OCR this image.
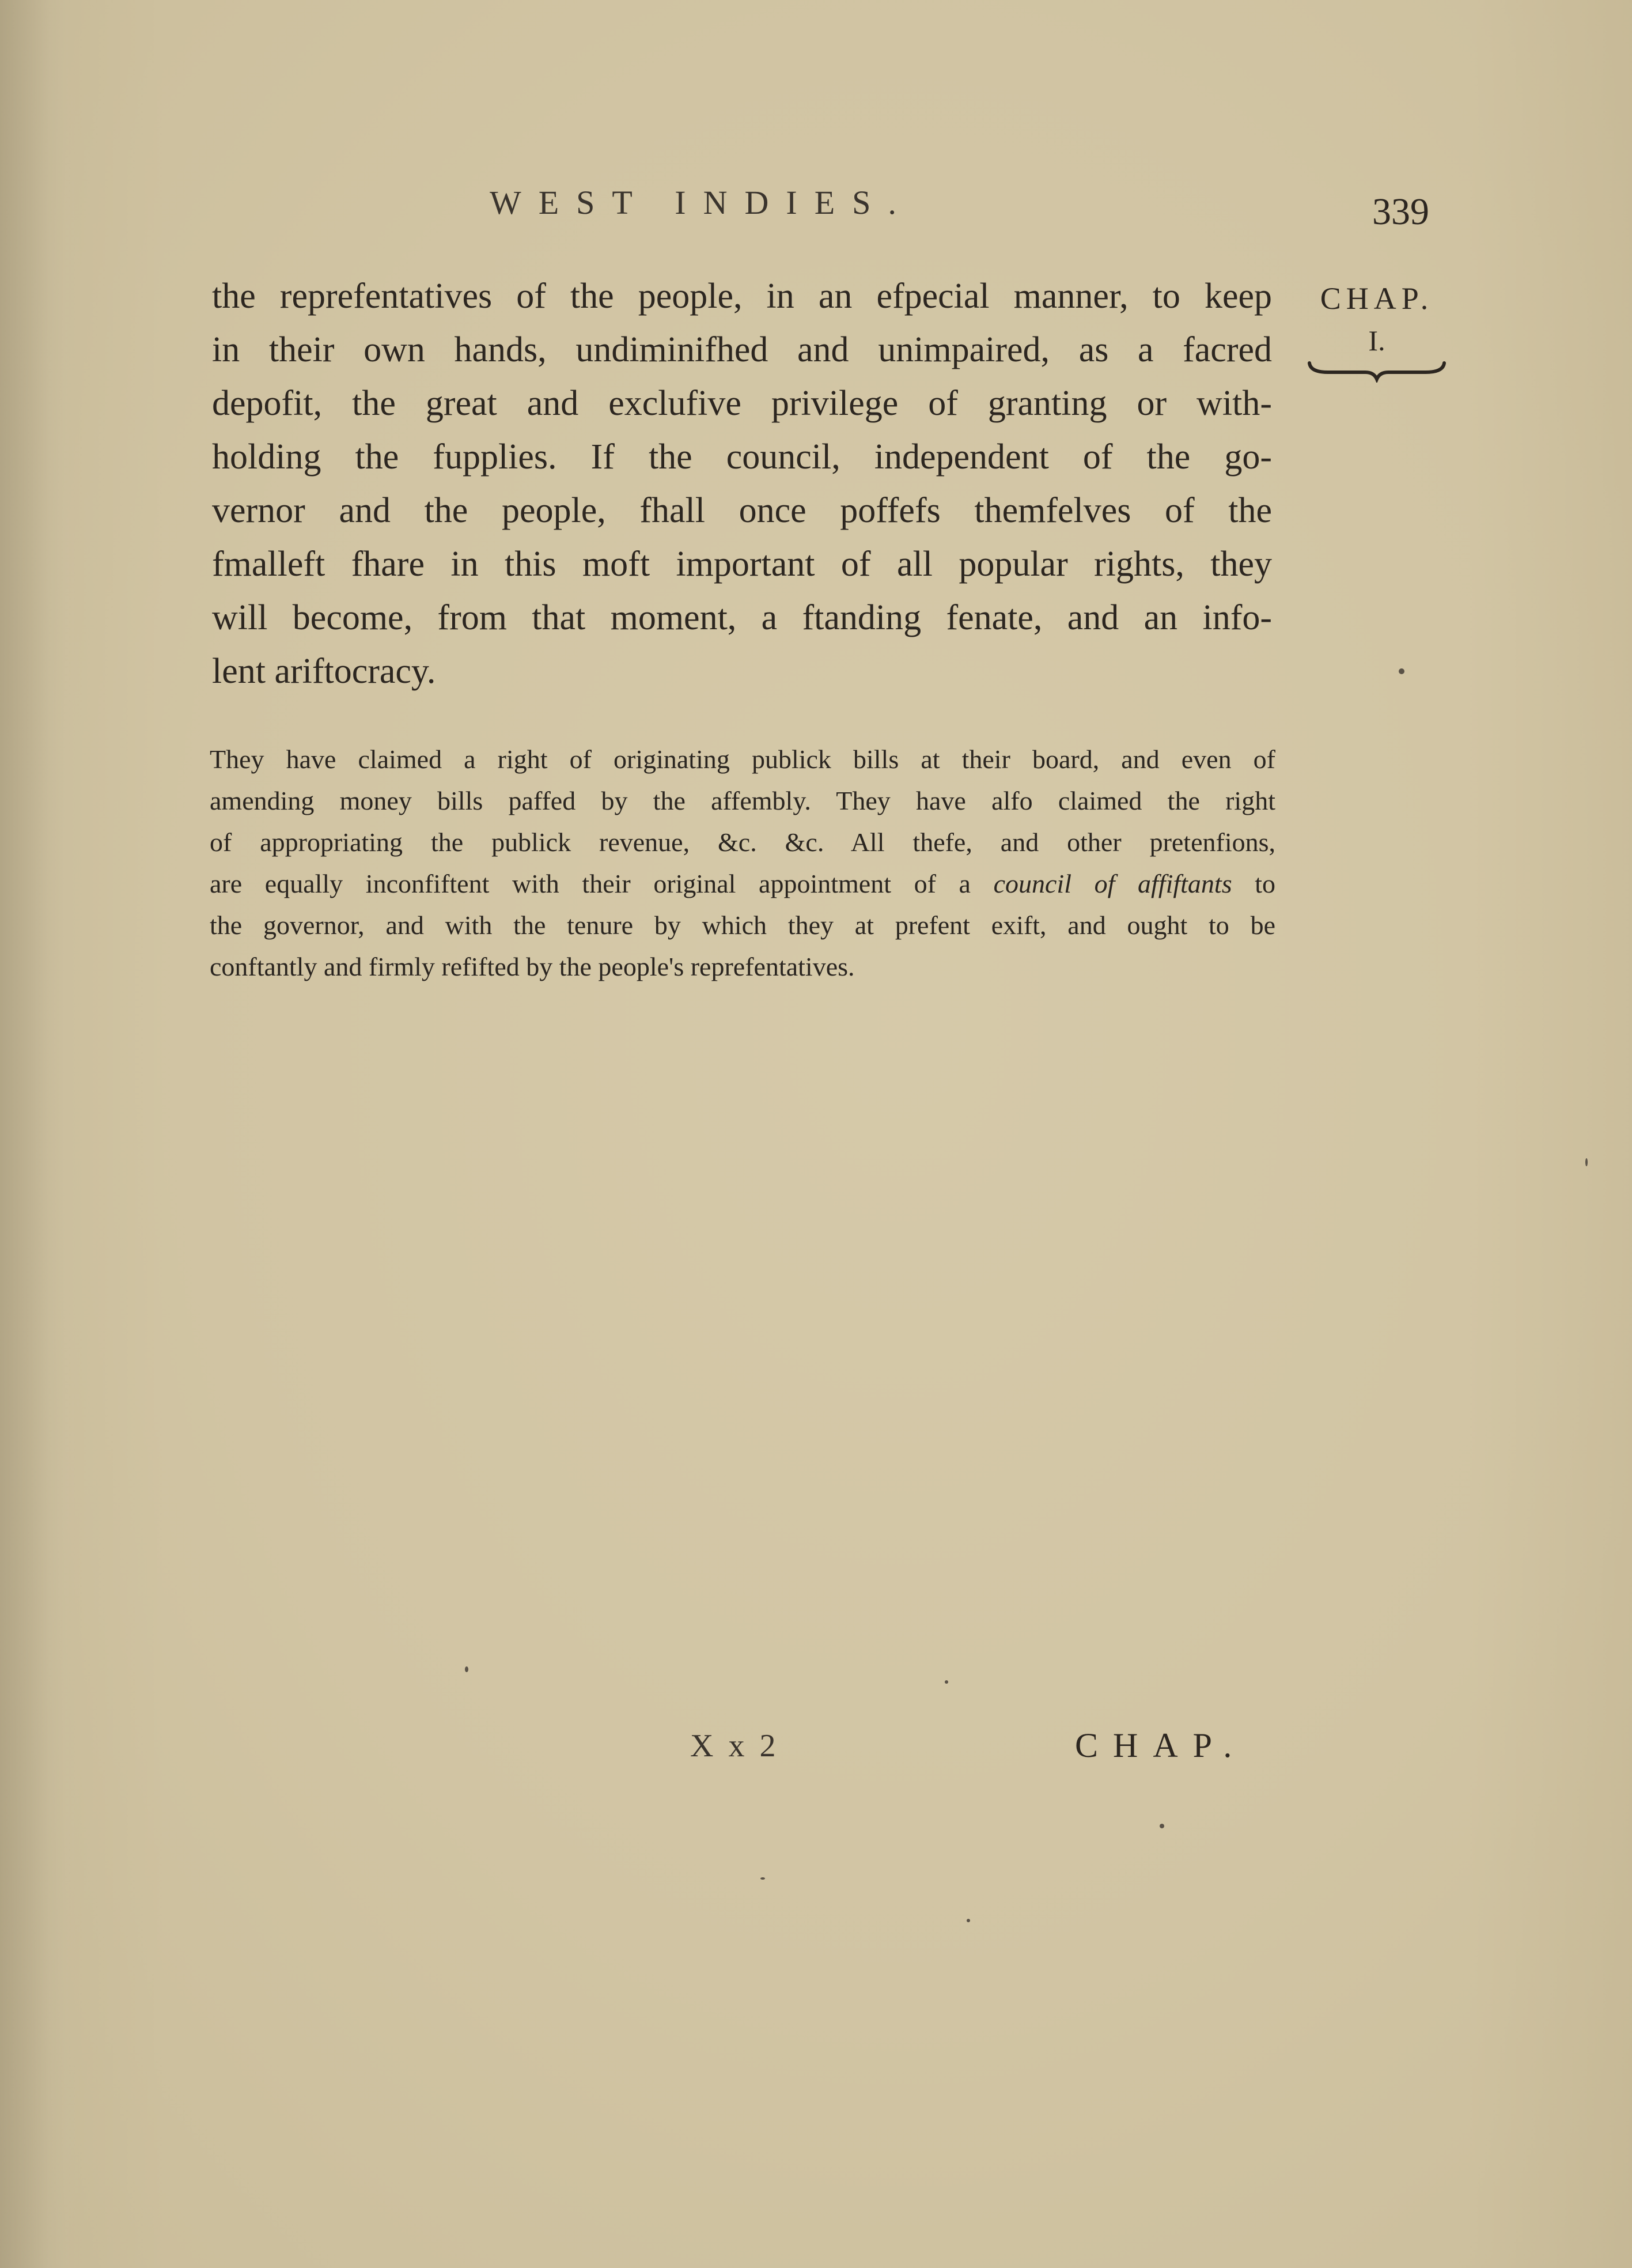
WEST INDIES.	339
the reprefentatives of the people, in an efpecial manner, to keep
in their own hands, undiminifhed and unimpaired, as a facred
depofit, the great and exclufive privilege of granting or with-
holding the fupplies. If the council, independent of the go-
vernor and the people, fhall once poffefs themfelves of the
fmalleft fhare in this moft important of all popular rights, they
will become, from that moment, a ftanding fenate, and an info-
lent ariftocracy.
CHAP.
I.
They have claimed a right of originating publick bills at their board, and even of
amending money bills paffed by the affembly. They have alfo claimed the right
of appropriating the publick revenue, &c. &c. All thefe, and other pretenfions,
are equally inconfiftent with their original appointment of a council of affiftants to
the governor, and with the tenure by which they at prefent exift, and ought to be
conftantly and firmly refifted by the people's reprefentatives.
X x 2	CHAP.
